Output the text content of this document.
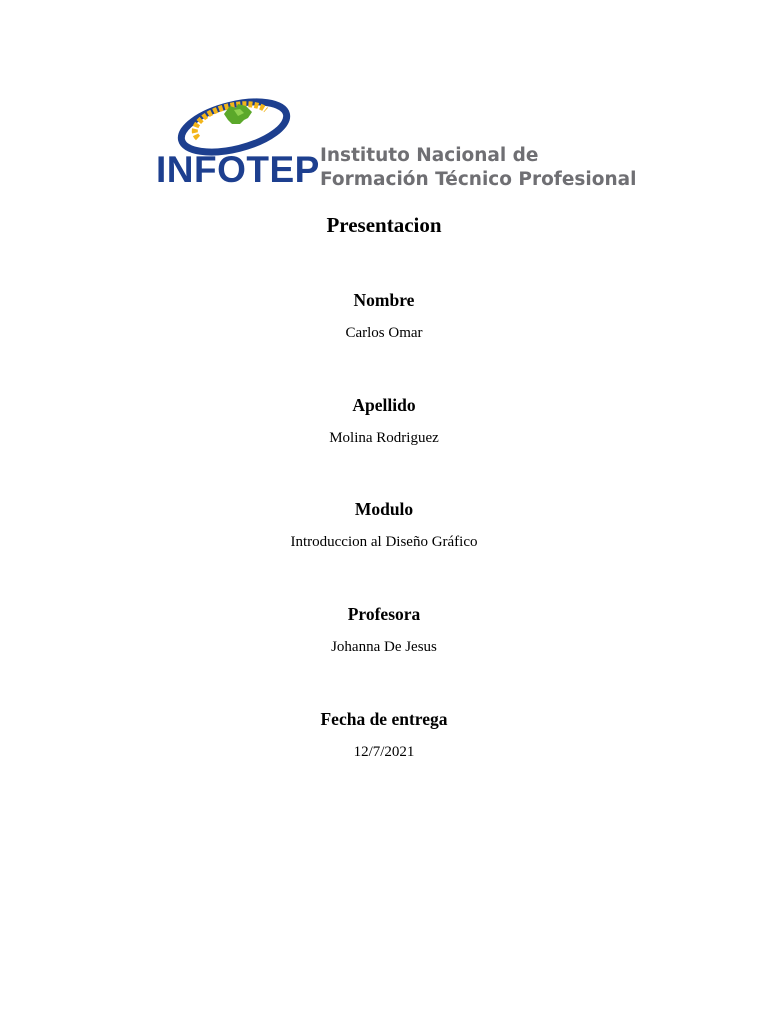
INFOTEP Instituto Nacional de
Formación Técnico Profesional
Presentacion
Nombre
Carlos Omar
Apellido
Molina Rodriguez
Modulo
Introduccion al Diseño Gráfico
Profesora
Johanna De Jesus
Fecha de entrega
12/7/2021
